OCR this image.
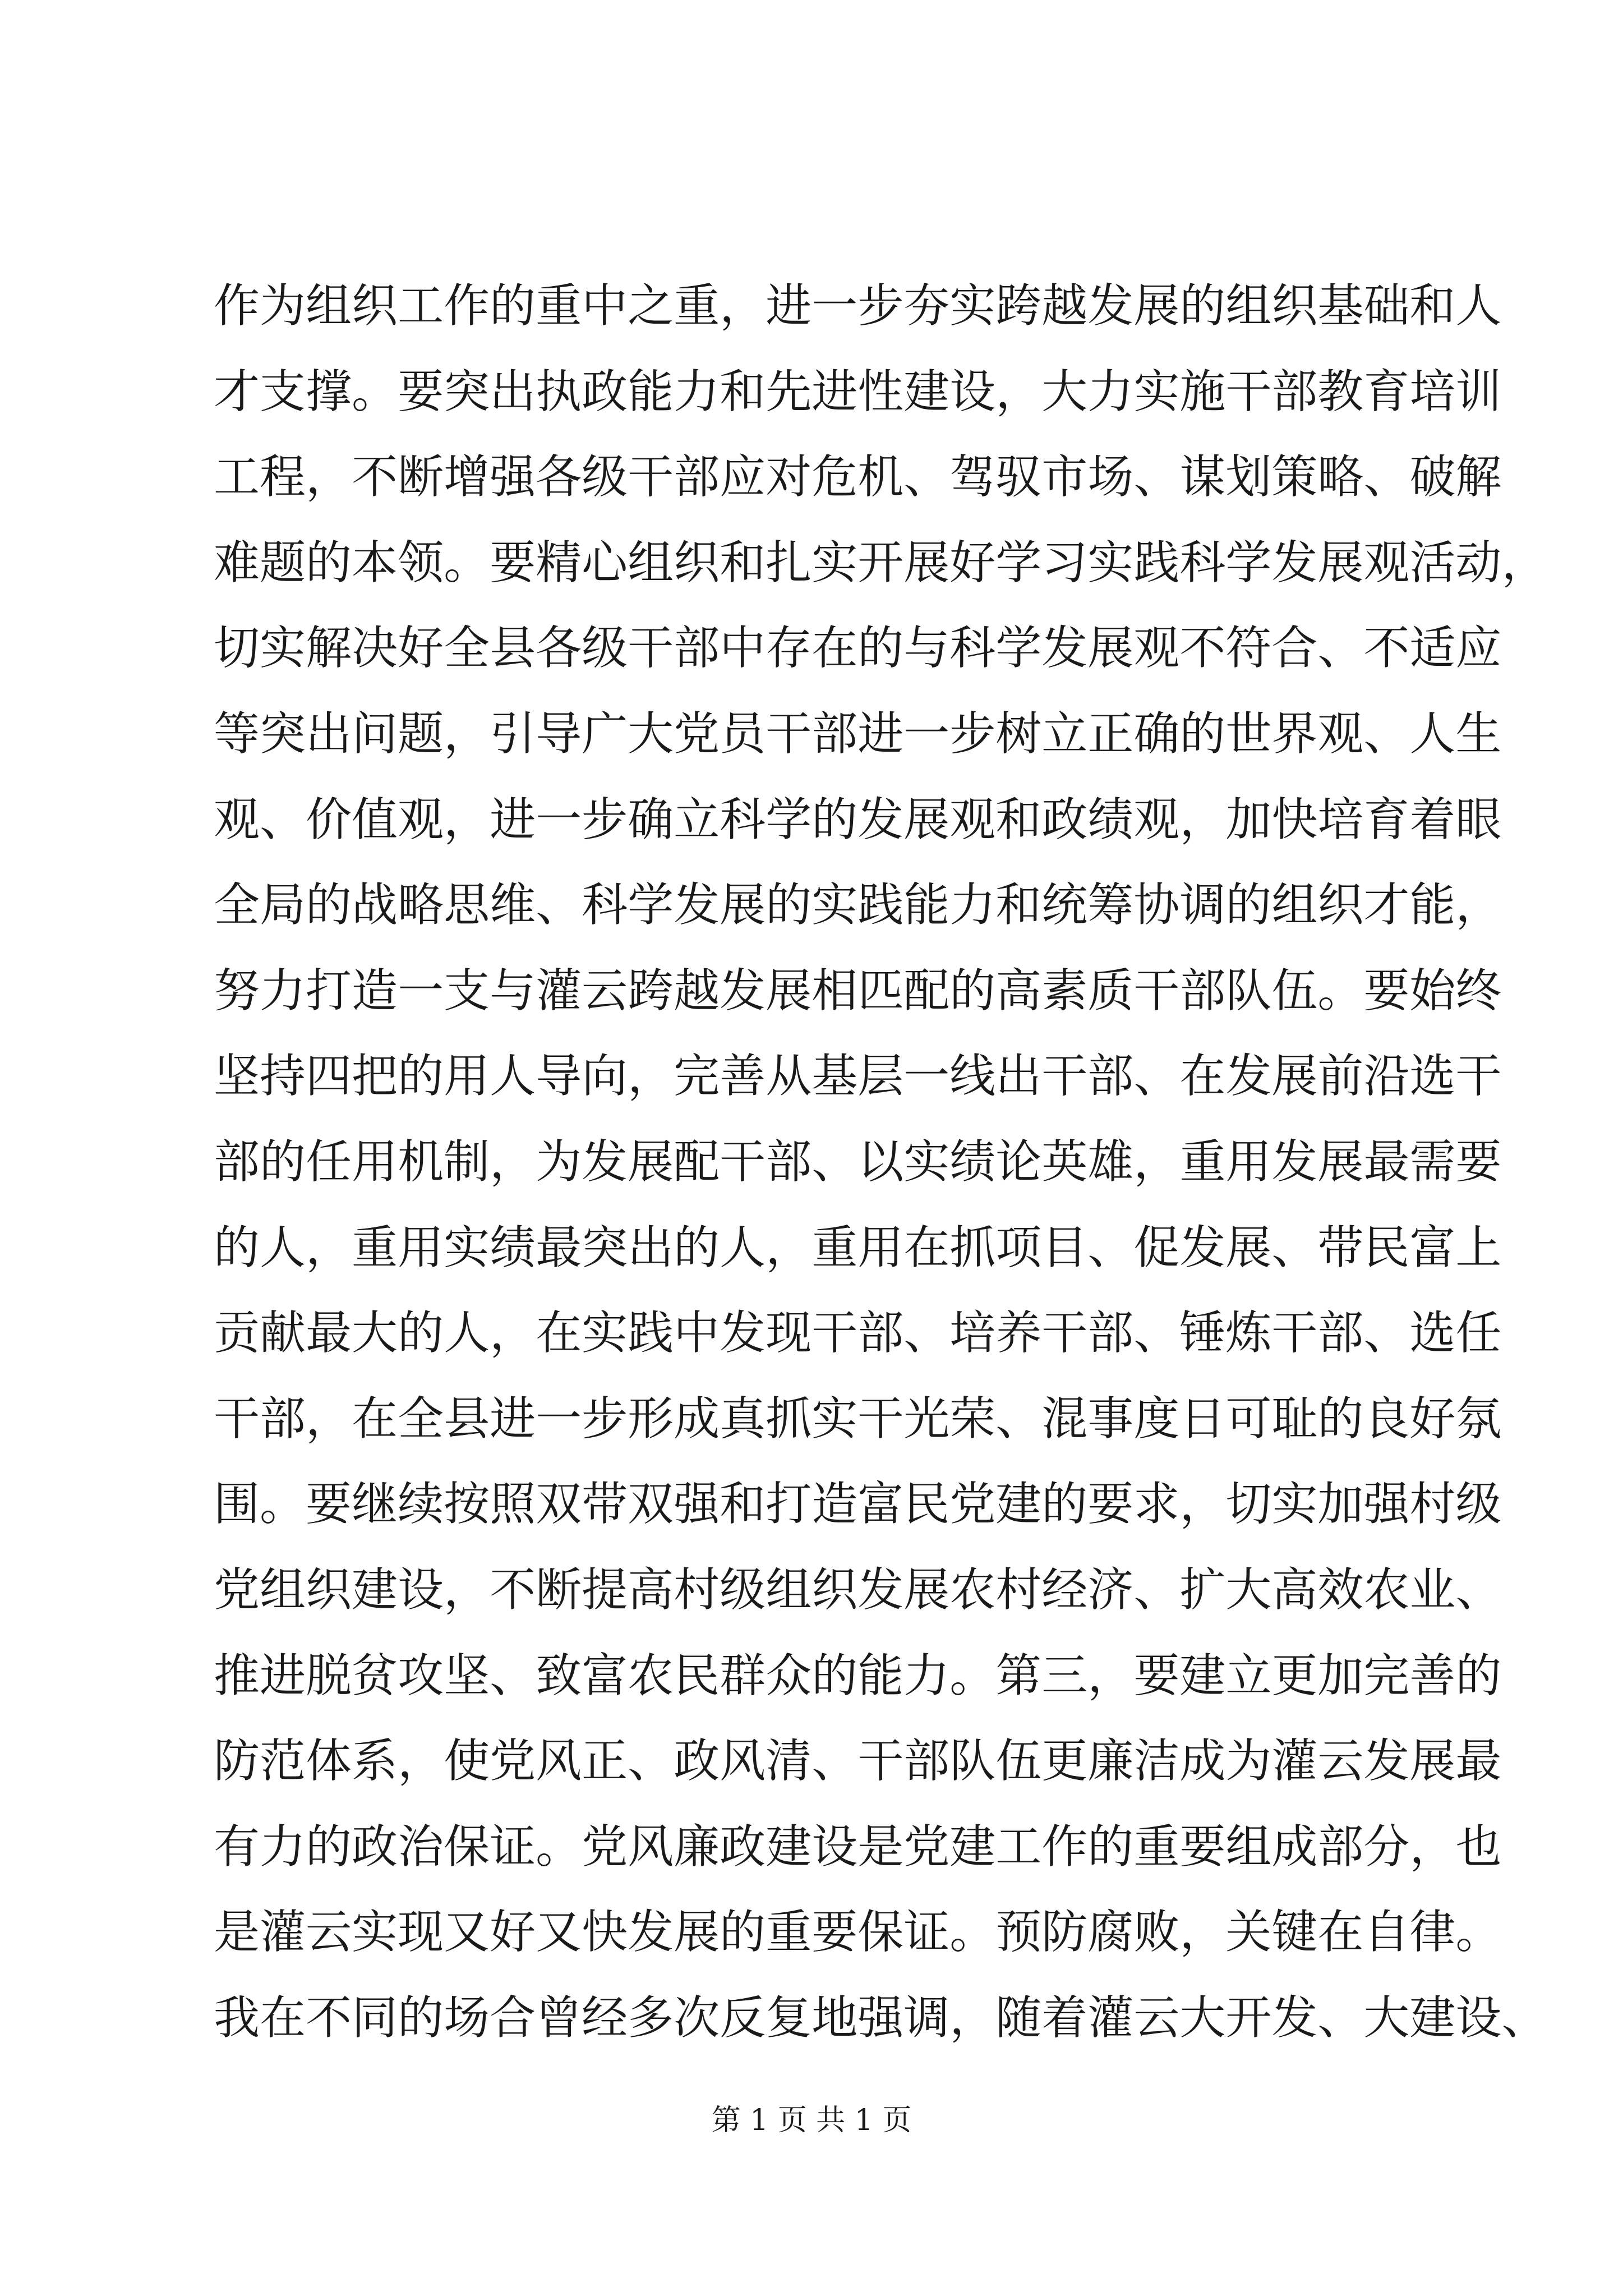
作 为 组 织 工 作 的 重 中 之 重 ， 进 一 步 夯 实 跨 越 发 展 的 组 织 基 础 和 人
才 支 撑 。 要 突 出 执 政 能 力 和 先 进 性 建 设 ， 大 力 实 施 干 部 教 育 培 训
工 程 ， 不 断 增 强 各 级 干 部 应 对 危 机 、 驾 驭 市 场 、 谋 划 策 略 、 破 解
难 题 的 本 领 。 要 精 心 组 织 和 扎 实 开 展 好 学 习 实 践 科 学 发 展 观 活 动 ，
切 实 解 决 好 全 县 各 级 干 部 中 存 在 的 与 科 学 发 展 观 不 符 合 、 不 适 应
等 突 出 问 题 ， 引 导 广 大 党 员 干 部 进 一 步 树 立 正 确 的 世 界 观 、 人 生
观 、 价 值 观 ， 进 一 步 确 立 科 学 的 发 展 观 和 政 绩 观 ， 加 快 培 育 着 眼
全 局 的 战 略 思 维 、 科 学 发 展 的 实 践 能 力 和 统 筹 协 调 的 组 织 才 能 ，
努 力 打 造 一 支 与 灌 云 跨 越 发 展 相 匹 配 的 高 素 质 干 部 队 伍 。 要 始 终
坚 持 四 把 的 用 人 导 向 ， 完 善 从 基 层 一 线 出 干 部 、 在 发 展 前 沿 选 干
部 的 任 用 机 制 ， 为 发 展 配 干 部 、 以 实 绩 论 英 雄 ， 重 用 发 展 最 需 要
的 人 ， 重 用 实 绩 最 突 出 的 人 ， 重 用 在 抓 项 目 、 促 发 展 、 带 民 富 上
贡 献 最 大 的 人 ， 在 实 践 中 发 现 干 部 、 培 养 干 部 、 锤 炼 干 部 、 选 任
干 部 ， 在 全 县 进 一 步 形 成 真 抓 实 干 光 荣 、 混 事 度 日 可 耻 的 良 好 氛
围 。 要 继 续 按 照 双 带 双 强 和 打 造 富 民 党 建 的 要 求 ， 切 实 加 强 村 级
党 组 织 建 设 ， 不 断 提 高 村 级 组 织 发 展 农 村 经 济 、 扩 大 高 效 农 业 、
推 进 脱 贫 攻 坚 、 致 富 农 民 群 众 的 能 力 。 第 三 ， 要 建 立 更 加 完 善 的
防 范 体 系 ， 使 党 风 正 、 政 风 清 、 干 部 队 伍 更 廉 洁 成 为 灌 云 发 展 最
有 力 的 政 治 保 证 。 党 风 廉 政 建 设 是 党 建 工 作 的 重 要 组 成 部 分 ， 也
是 灌 云 实 现 又 好 又 快 发 展 的 重 要 保 证 。 预 防 腐 败 ， 关 键 在 自 律 。
我 在 不 同 的 场 合 曾 经 多 次 反 复 地 强 调 ， 随 着 灌 云 大 开 发 、 大 建 设 、
第 1 页 共 1 页
